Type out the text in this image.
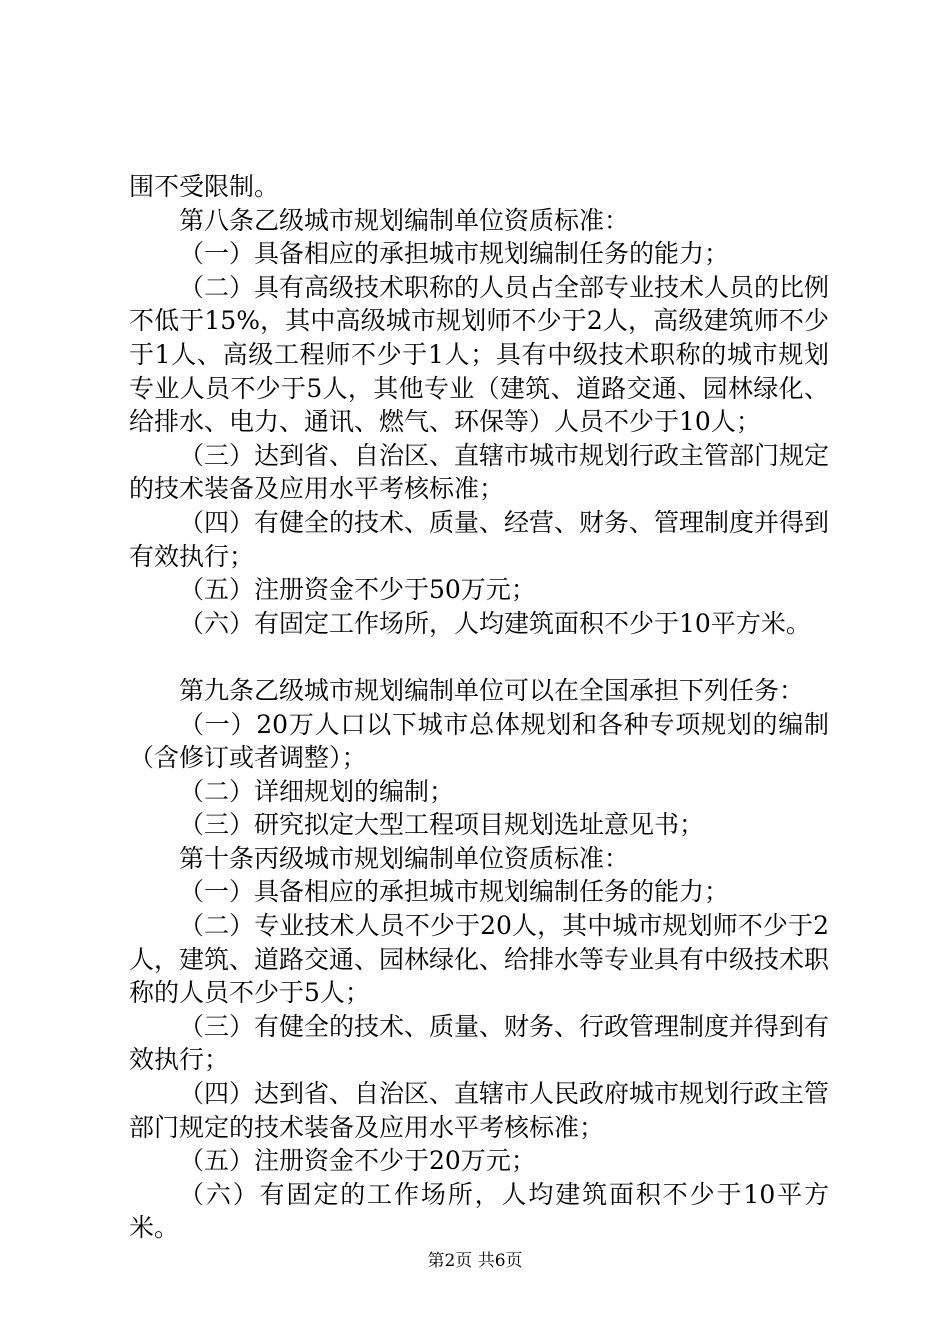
围不受限制。

第八条乙级城市规划编制单位资质标准：

（一）具备相应的承担城市规划编制任务的能力；

（二）具有高级技术职称的人员占全部专业技术人员的比例不低于15%，其中高级城市规划师不少于2人，高级建筑师不少于1人、高级工程师不少于1人；具有中级技术职称的城市规划专业人员不少于5人，其他专业（建筑、道路交通、园林绿化、给排水、电力、通讯、燃气、环保等）人员不少于10人；

（三）达到省、自治区、直辖市城市规划行政主管部门规定的技术装备及应用水平考核标准；

（四）有健全的技术、质量、经营、财务、管理制度并得到有效执行；

（五）注册资金不少于50万元；

（六）有固定工作场所，人均建筑面积不少于10平方米。

第九条乙级城市规划编制单位可以在全国承担下列任务：

（一）20万人口以下城市总体规划和各种专项规划的编制（含修订或者调整）；

（二）详细规划的编制；

（三）研究拟定大型工程项目规划选址意见书；

第十条丙级城市规划编制单位资质标准：

（一）具备相应的承担城市规划编制任务的能力；

（二）专业技术人员不少于20人，其中城市规划师不少于2人，建筑、道路交通、园林绿化、给排水等专业具有中级技术职称的人员不少于5人；

（三）有健全的技术、质量、财务、行政管理制度并得到有效执行；

（四）达到省、自治区、直辖市人民政府城市规划行政主管部门规定的技术装备及应用水平考核标准；

（五）注册资金不少于20万元；

（六）有固定的工作场所，人均建筑面积不少于10平方米。

第2页 共6页
